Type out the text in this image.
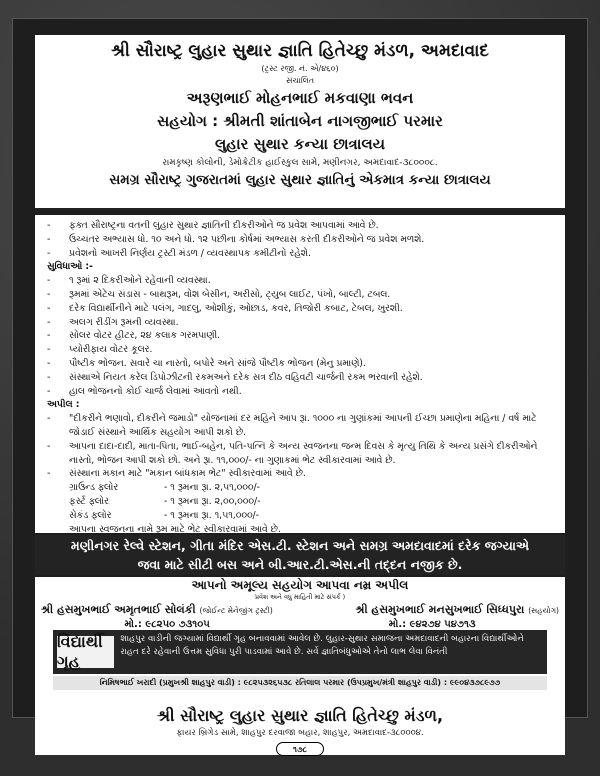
શ્રી સૌરાષ્ટ્ર લુહાર સુથાર જ્ઞાતિ હિતેચ્છુ મંડળ, અમદાવાદ
(ટ્રસ્ટ રજી. નં. એ/૪૬૦)
સંચાલિત
અરૂણભાઈ મોહનભાઈ મકવાણા ભવન
સહયોગ : શ્રીમતી શાંતાબેન નાગજીભાઈ પરમાર
લુહાર સુથાર કન્યા છાત્રાલય
રામકૃષ્ણ કોલોની, ડેમોક્રેટીક હાઈસ્કુલ સામે, મણીનગર, અમદાવાદ-૩૮૦૦૦૮.
સમગ્ર સૌરાષ્ટ્ર ગુજરાતમાં લુહાર સુથાર જ્ઞાતિનું એકમાત્ર કન્યા છાત્રાલય
-	ફક્ત સૌરાષ્ટ્રના વતની લુહાર સુથાર જ્ઞાતિની દીકરીઓને જ પ્રવેશ આપવામાં આવે છે.
-	ઉચ્ચતર અભ્યાસ ધો. ૧૦ અને ધો. ૧૨ પછીના કોર્ષમાં અભ્યાસ કરતી દીકરીઓને જ પ્રવેશ મળશે.
-	પ્રવેશનો આખરી નિર્ણય ટ્રસ્ટી મંડળ / વ્યવસ્થાપક કમીટીનો રહેશે.
સુવિધાઓ :-
-	૧ રૂમાં ૨ દિકરીઓને રહેવાની વ્યવસ્થા.
-	રૂમમાં એટેચ સંડાસ - બાથરૂમ, વોશ બેસીન, અરીસો, ટ્યુબ લાઈટ, પંખો, બાલ્ટી, ટબલ.
-	દરેક વિદ્યાર્થીનીને માટે પલંગ, ગાદલુ, ઓશીકું, ઓછાડ, કવર, તિજોરી કબાટ, ટેબલ, ખુરશી.
-	અલગ રીડીંગ રૂમની વ્યવસ્થા.
-	સોલર વોટર હીટર, ૨૪ કલાક ગરમપાણી.
-	પ્યોરીફાય વોટર કૂલર.
-	પૌષ્ટીક ભોજન. સવારે ચા નાસ્તો, બપોરે અને સાંજે પૌષ્ટીક ભોજન (મેનુ પ્રમાણે).
-	સંસ્થાએ નિયત કરેલ ડિપોઝીટની રકમઅને દરેક સત્ર દીઠ વહિવટી ચાર્જની રકમ ભરવાની રહેશે.
-	હાલ ભોજનનો કોઈ ચાર્જ લેવામાં આવતો નથી.
અપીલ :
-	"દીકરીને ભણાવો, દીકરીને જમાડો" યોજનામાં દર મહિને આપ રૂા. ૧૦૦૦ ના ગુણાંકમાં આપની ઈચ્છા પ્રમાણેના મહિના / વર્ષ માટે જોડાઈ સંસ્થાને આર્થિક સહયોગ આપી શકો છે.
-	આપના દાદા-દાદી, માતા-પિતા, ભાઈ-બહેન, પતિ-પત્નિ કે અન્ય સ્વજનના જન્મ દિવસ કે મૃત્યુ તિથિ કે અન્ય પ્રસંગે દીકરીઓને નાસ્તો, ભોજન આપી શકો છો. અને રૂા. ૧૧,૦૦૦/- ના ગુણાકમાં ભેટ સ્વીકારવામાં આવે છે.
-	સંસ્થાના મકાન માટે "મકાન બાંધકામ ભેટ" સ્વીકારવામાં આવે છે.
ગ્રાઉન્ડ ફ્લોર	- ૧ રૂમના રૂા. ૨,૫૧,૦૦૦/-
ફર્સ્ટ ફ્લોર	- ૧ રૂમના રૂા. ૨,૦૦,૦૦૦/-
સેકંડ ફ્લોર	- ૧ રૂમના રૂા. ૧,૫૧,૦૦૦/-
આપના સ્વજનના નામે રૂમ માટે ભેટ સ્વીકારવામાં આવે છે.
મણીનગર રેલ્વે સ્ટેશન, ગીતા મંદિર એસ.ટી. સ્ટેશન અને સમગ્ર અમદાવાદમાં દરેક જગ્યાએ
જવા માટે સીટી બસ અને બી.આર.ટી.એસ.ની તદ્દન નજીક છે.
આપનો અમૂલ્ય સહયોગ આપવા નમ્ર અપીલ
પ્રવેશ અને વધુ માહિતી માટે સંપર્ક )
શ્રી હસમુખભાઈ અમૃતભાઈ સોલંકી (જોઈન્ટ મેનેજીંગ ટ્રસ્ટી)	શ્રી હસમુખભાઈ મનસુખભાઈ સિધ્ધપુરા (સહયોગ)
મો.: ૯૮૨૫૦ ૭૩૧૦૫	મો.: ૯૪૨૭૪ ૫૪૭૧૩
વિદ્યાર્થી ગૃહ
શાહપુર વાડીની જગ્યામાં વિદ્યાર્થી ગૃહ બનાવવામાં આવેલ છે. લુહાર-સુથાર સમાજના અમદાવાદની બહારના વિદ્યાર્થીઓને રાહત દરે રહેવાની ઉત્તમ સુવિધા પુરી પાડવામાં આવે છે. સર્વે જ્ઞાતિબંધુઓએ તેનો લાભ લેવા વિનંતી
નિમિષભાઈ ખરાદી (પ્રમુખશ્રી શાહપુર વાડી) : ૯૮૨૫૩૨૬૫૩૮ રતિલાલ પરમાર (ઉપપ્રમુખ/મંત્રી શાહપુર વાડી) : ૯૯૦૪૩૭૮૯૭૭
શ્રી સૌરાષ્ટ્ર લુહાર સુથાર જ્ઞાતિ હિતેચ્છુ મંડળ,
ફાયર બ્રિગેડ સામે, શાહપુર દરવાજા બહાર, શાહપુર, અમદાવાદ-૩૮૦૦૦૪.
૧૭૮
